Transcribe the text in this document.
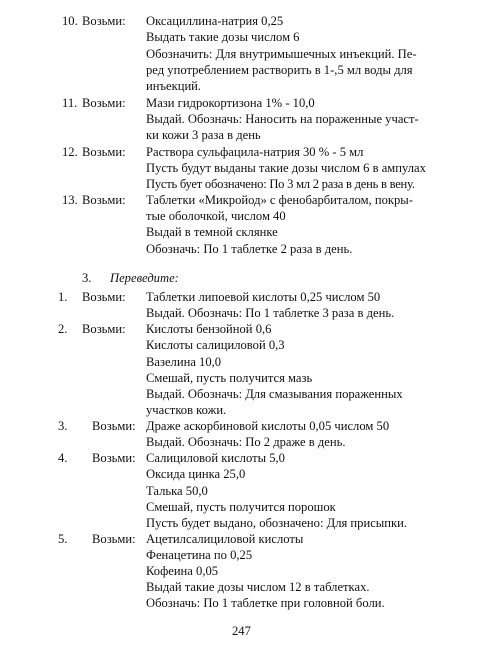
10. Возьми: Оксациллина-натрия 0,25
Выдать такие дозы числом 6
Обозначить: Для внутримышечных инъекций. Пе-
ред употреблением растворить в 1-,5 мл воды для
инъекций.
11. Возьми: Мази гидрокортизона 1% - 10,0
Выдай. Обозначь: Наносить на пораженные участ-
ки кожи 3 раза в день
12. Возьми: Раствора сульфацила-натрия 30 % - 5 мл
Пусть будут выданы такие дозы числом 6 в ампулах
Пусть бует обозначено: По 3 мл 2 раза в день в вену.
13. Возьми: Таблетки «Микройод» с фенобарбиталом, покры-
тые оболочкой, числом 40
Выдай в темной склянке
Обозначь: По 1 таблетке 2 раза в день.
3. Переведите:
1. Возьми: Таблетки липоевой кислоты 0,25 числом 50
Выдай. Обозначь: По 1 таблетке 3 раза в день.
2. Возьми: Кислоты бензойной 0,6
Кислоты салициловой 0,3
Вазелина 10,0
Смешай, пусть получится мазь
Выдай. Обозначь: Для смазывания пораженных
участков кожи.
3. Возьми: Драже аскорбиновой кислоты 0,05 числом 50
Выдай. Обозначь: По 2 драже в день.
4. Возьми: Салициловой кислоты 5,0
Оксида цинка 25,0
Талька 50,0
Смешай, пусть получится порошок
Пусть будет выдано, обозначено: Для присыпки.
5. Возьми: Ацетилсалициловой кислоты
Фенацетина по 0,25
Кофеина 0,05
Выдай такие дозы числом 12 в таблетках.
Обозначь: По 1 таблетке при головной боли.
247
